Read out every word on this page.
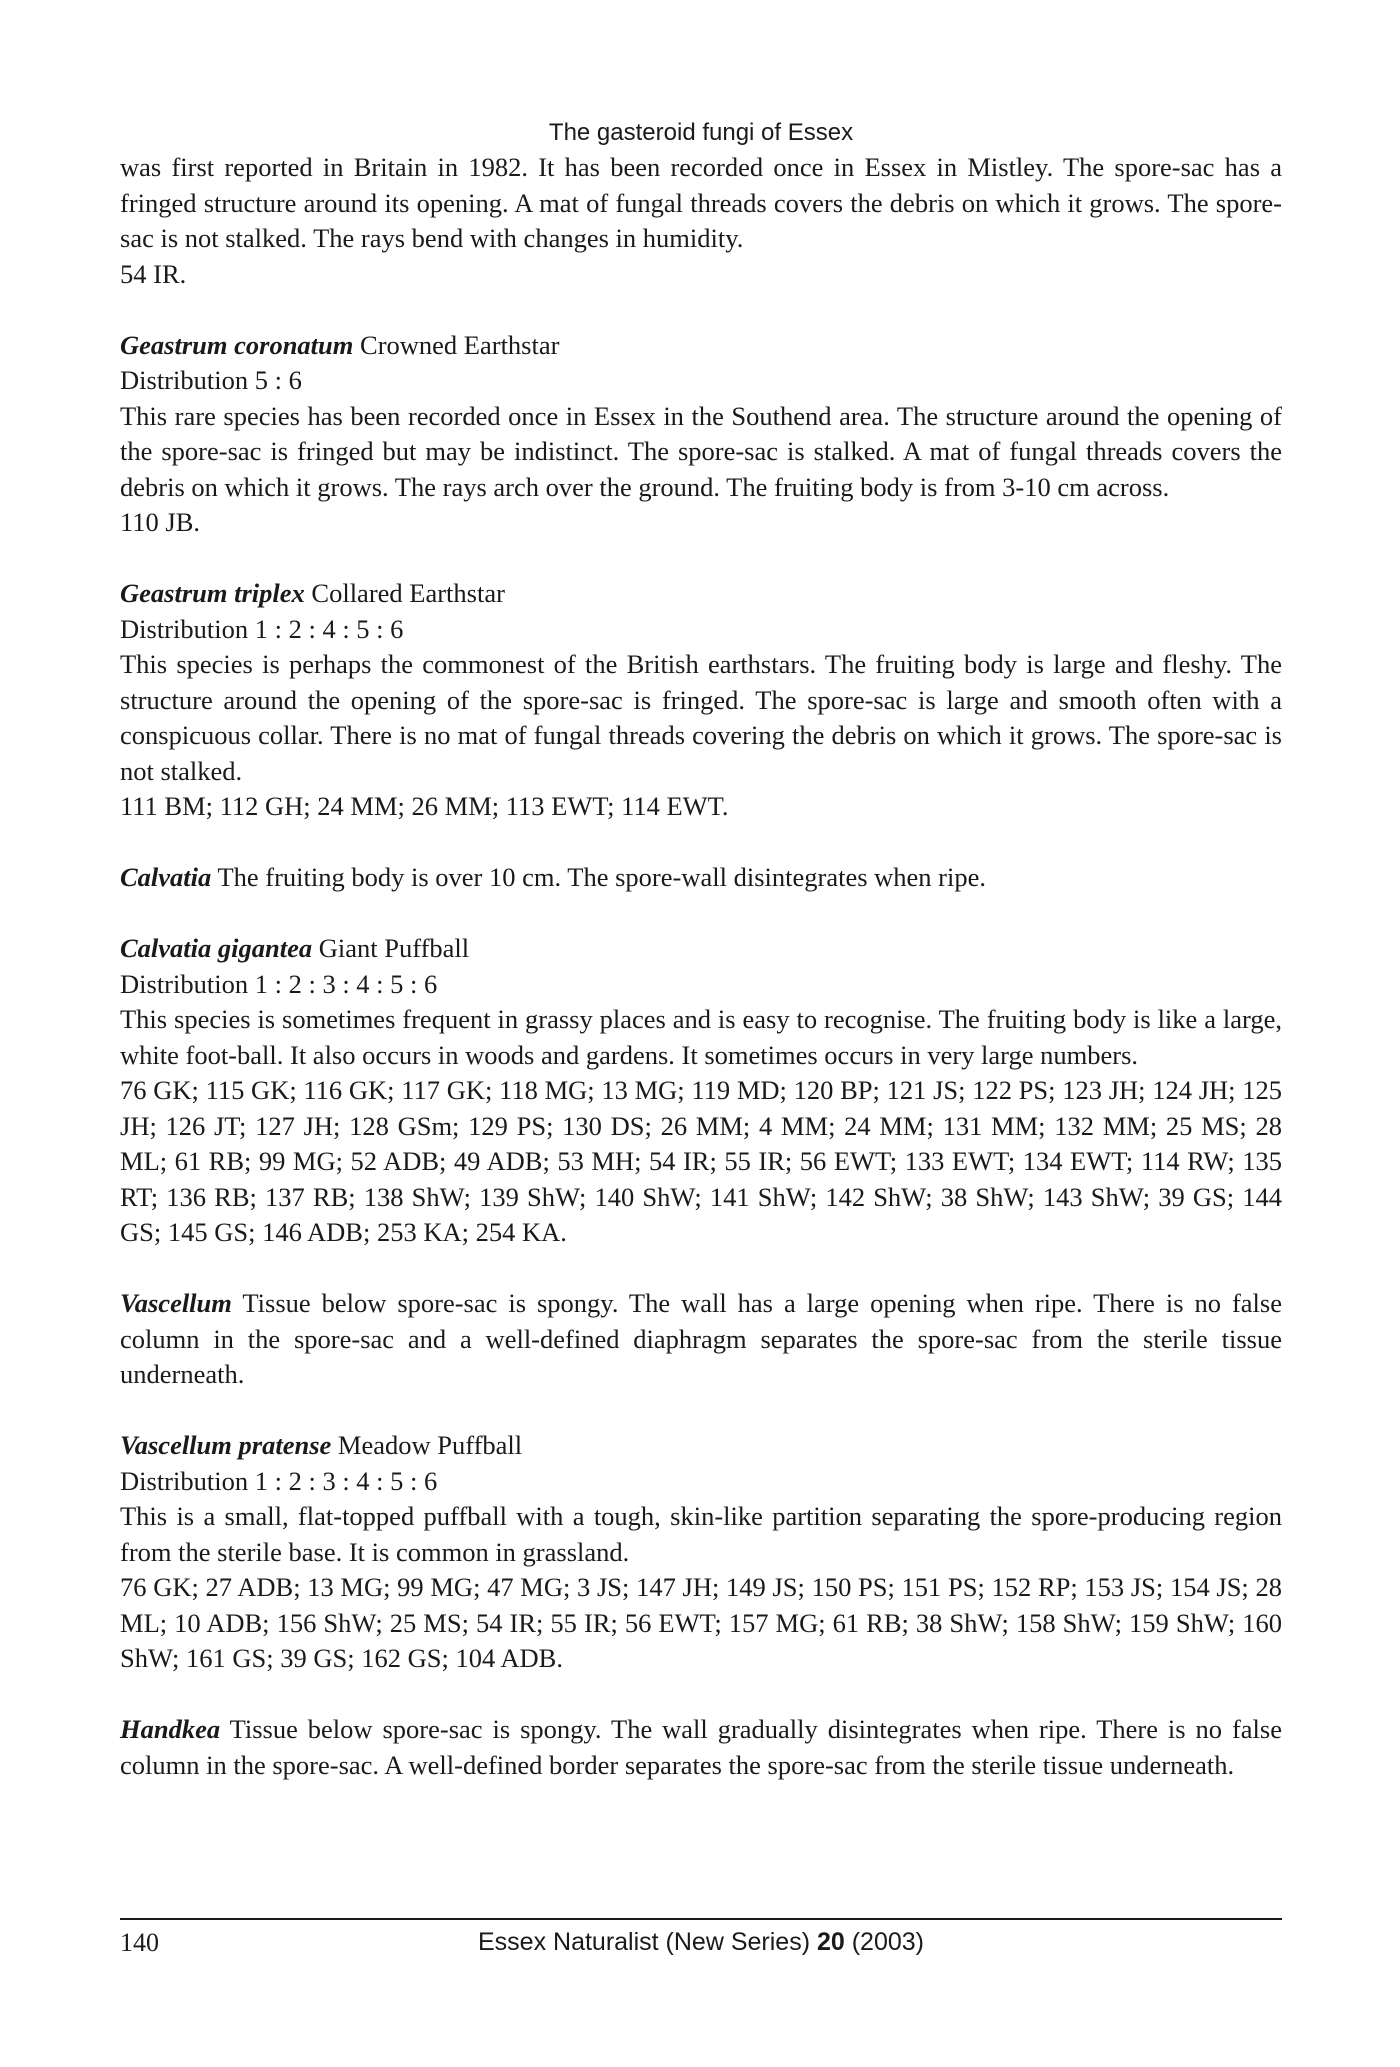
The gasteroid fungi of Essex

was first reported in Britain in 1982. It has been recorded once in Essex in Mistley. The spore-sac has a fringed structure around its opening. A mat of fungal threads covers the debris on which it grows. The spore-sac is not stalked. The rays bend with changes in humidity.

54 IR.

Geastrum coronatum Crowned Earthstar

Distribution 5 : 6

This rare species has been recorded once in Essex in the Southend area. The structure around the opening of the spore-sac is fringed but may be indistinct. The spore-sac is stalked. A mat of fungal threads covers the debris on which it grows. The rays arch over the ground. The fruiting body is from 3-10 cm across.

110 JB.

Geastrum triplex Collared Earthstar

Distribution 1 : 2 : 4 : 5 : 6

This species is perhaps the commonest of the British earthstars. The fruiting body is large and fleshy. The structure around the opening of the spore-sac is fringed. The spore-sac is large and smooth often with a conspicuous collar. There is no mat of fungal threads covering the debris on which it grows. The spore-sac is not stalked.

111 BM; 112 GH; 24 MM; 26 MM; 113 EWT; 114 EWT.

Calvatia The fruiting body is over 10 cm. The spore-wall disintegrates when ripe.

Calvatia gigantea Giant Puffball

Distribution 1 : 2 : 3 : 4 : 5 : 6

This species is sometimes frequent in grassy places and is easy to recognise. The fruiting body is like a large, white foot-ball. It also occurs in woods and gardens. It sometimes occurs in very large numbers.

76 GK; 115 GK; 116 GK; 117 GK; 118 MG; 13 MG; 119 MD; 120 BP; 121 JS; 122 PS; 123 JH; 124 JH; 125 JH; 126 JT; 127 JH; 128 GSm; 129 PS; 130 DS; 26 MM; 4 MM; 24 MM; 131 MM; 132 MM; 25 MS; 28 ML; 61 RB; 99 MG; 52 ADB; 49 ADB; 53 MH; 54 IR; 55 IR; 56 EWT; 133 EWT; 134 EWT; 114 RW; 135 RT; 136 RB; 137 RB; 138 ShW; 139 ShW; 140 ShW; 141 ShW; 142 ShW; 38 ShW; 143 ShW; 39 GS; 144 GS; 145 GS; 146 ADB; 253 KA; 254 KA.

Vascellum Tissue below spore-sac is spongy. The wall has a large opening when ripe. There is no false column in the spore-sac and a well-defined diaphragm separates the spore-sac from the sterile tissue underneath.

Vascellum pratense Meadow Puffball

Distribution 1 : 2 : 3 : 4 : 5 : 6

This is a small, flat-topped puffball with a tough, skin-like partition separating the spore-producing region from the sterile base. It is common in grassland.

76 GK; 27 ADB; 13 MG; 99 MG; 47 MG; 3 JS; 147 JH; 149 JS; 150 PS; 151 PS; 152 RP; 153 JS; 154 JS; 28 ML; 10 ADB; 156 ShW; 25 MS; 54 IR; 55 IR; 56 EWT; 157 MG; 61 RB; 38 ShW; 158 ShW; 159 ShW; 160 ShW; 161 GS; 39 GS; 162 GS; 104 ADB.

Handkea Tissue below spore-sac is spongy. The wall gradually disintegrates when ripe. There is no false column in the spore-sac. A well-defined border separates the spore-sac from the sterile tissue underneath.

140	Essex Naturalist (New Series) 20 (2003)
